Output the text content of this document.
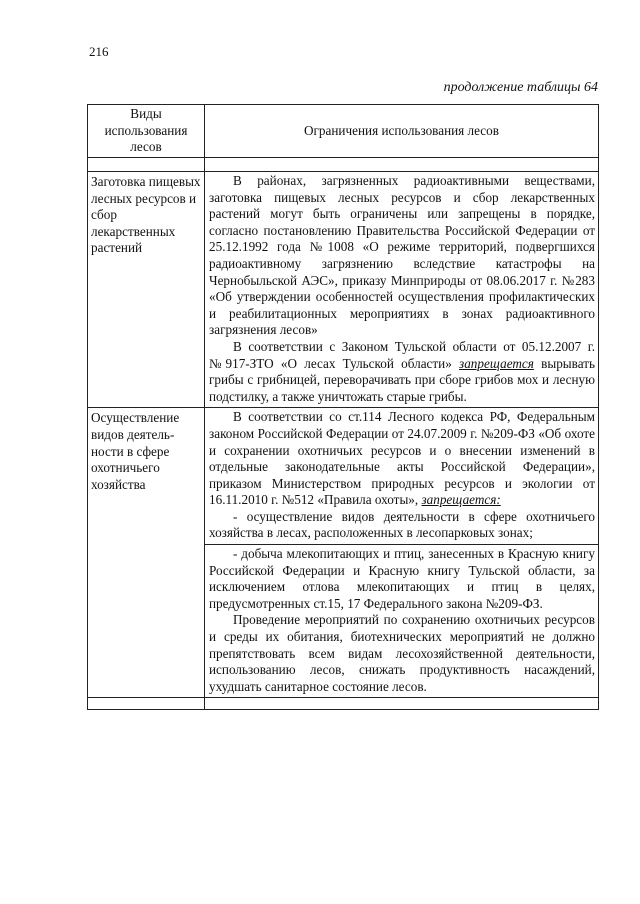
216
продолжение таблицы 64
Виды использования лесов	Ограничения использования лесов

Заготовка пищевых лесных ресурсов и сбор лекарственных растений	В районах, загрязненных радиоактивными веществами, заготовка пищевых лесных ресурсов и сбор лекарственных растений могут быть ограничены или запрещены в порядке, согласно постановлению Правительства Российской Федерации от 25.12.1992 года №1008 «О режиме территорий, подвергшихся радиоактивному загрязнению вследствие катастрофы на Чернобыльской АЭС», приказу Минприроды от 08.06.2017 г. №283 «Об утверждении особенностей осуществления профилактических и реабилитационных мероприятиях в зонах радиоактивного загрязнения лесов»

В соответствии с Законом Тульской области от 05.12.2007 г. №917-ЗТО «О лесах Тульской области» запрещается вырывать грибы с грибницей, переворачивать при сборе грибов мох и лесную подстилку, а также уничтожать старые грибы.

Осуществление видов деятель-ности в сфере охотничьего хозяйства	В соответствии со ст.114 Лесного кодекса РФ, Федеральным законом Российской Федерации от 24.07.2009 г. №209-ФЗ «Об охоте и сохранении охотничьих ресурсов и о внесении изменений в отдельные законодательные акты Российской Федерации», приказом Министерством природных ресурсов и экологии от 16.11.2010 г. №512 «Правила охоты», запрещается:

- осуществление видов деятельности в сфере охотничьего хозяйства в лесах, расположенных в лесопарковых зонах;

	- добыча млекопитающих и птиц, занесенных в Красную книгу Российской Федерации и Красную книгу Тульской области, за исключением отлова млекопитающих и птиц в целях, предусмотренных ст.15, 17 Федерального закона №209-ФЗ.

Проведение мероприятий по сохранению охотничьих ресурсов и среды их обитания, биотехнических мероприятий не должно препятствовать всем видам лесохозяйственной деятельности, использованию лесов, снижать продуктивность насаждений, ухудшать санитарное состояние лесов.
